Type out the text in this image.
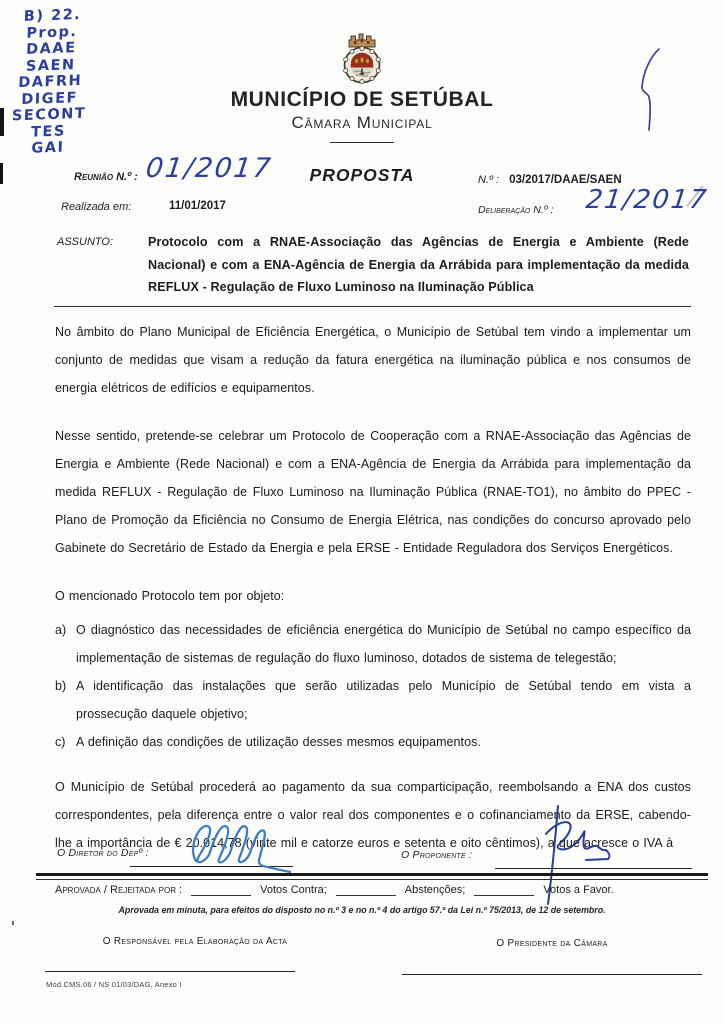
B) 22.
Prop.
DAAE
SAEN
DAFRH
DIGEF
SECONT
TES
GAI
MUNICÍPIO DE SETÚBAL
Câmara Municipal
Reunião N.º : 01/2017	PROPOSTA	N.º : 03/2017/DAAE/SAEN
Realizada em:	11/01/2017	Deliberação N.º : 21/2017
ASSUNTO:	Protocolo com a RNAE-Associação das Agências de Energia e Ambiente (Rede Nacional) e com a ENA-Agência de Energia da Arrábida para implementação da medida REFLUX - Regulação de Fluxo Luminoso na Iluminação Pública

No âmbito do Plano Municipal de Eficiência Energética, o Município de Setúbal tem vindo a implementar um conjunto de medidas que visam a redução da fatura energética na iluminação pública e nos consumos de energia elétricos de edifícios e equipamentos.

Nesse sentido, pretende-se celebrar um Protocolo de Cooperação com a RNAE-Associação das Agências de Energia e Ambiente (Rede Nacional) e com a ENA-Agência de Energia da Arrábida para implementação da medida REFLUX - Regulação de Fluxo Luminoso na Iluminação Pública (RNAE-TO1), no âmbito do PPEC - Plano de Promoção da Eficiência no Consumo de Energia Elétrica, nas condições do concurso aprovado pelo Gabinete do Secretário de Estado da Energia e pela ERSE - Entidade Reguladora dos Serviços Energéticos.

O mencionado Protocolo tem por objeto:

a) O diagnóstico das necessidades de eficiência energética do Município de Setúbal no campo específico da implementação de sistemas de regulação do fluxo luminoso, dotados de sistema de telegestão;
b) A identificação das instalações que serão utilizadas pelo Município de Setúbal tendo em vista a prossecução daquele objetivo;
c) A definição das condições de utilização desses mesmos equipamentos.

O Município de Setúbal procederá ao pagamento da sua comparticipação, reembolsando a ENA dos custos correspondentes, pela diferença entre o valor real dos componentes e o cofinanciamento da ERSE, cabendo-lhe a importância de € 20.014,78 (vinte mil e catorze euros e setenta e oito cêntimos), a que acresce o IVA à

O Diretor do Depº :	O Proponente :
Aprovada / Rejeitada por :	Votos Contra;	Abstenções;	Votos a Favor.
Aprovada em minuta, para efeitos do disposto no n.º 3 e no n.º 4 do artigo 57.º da Lei n.º 75/2013, de 12 de setembro.
O Responsável pela Elaboração da Acta	O Presidente da Câmara
Mod.CMS.06 / NS 01/03/DAG, Anexo I
